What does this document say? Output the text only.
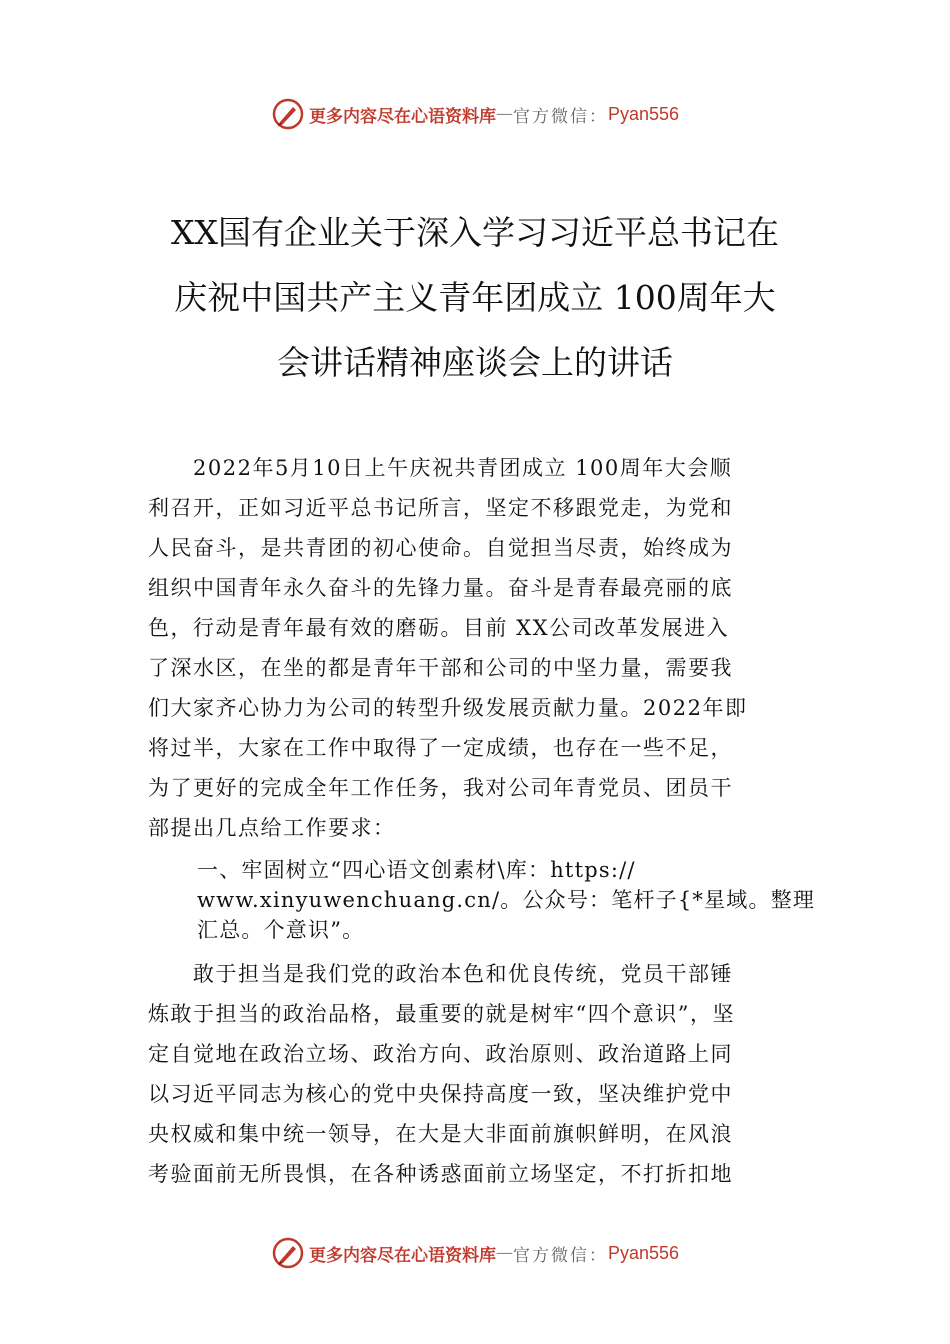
更多内容尽在心语资料库 — 官方微信： Pyan556
XX国有企业关于深入学习习近平总书记在
庆祝中国共产主义青年团成立 100周年大
会讲话精神座谈会上的讲话
　　2022年5月10日上午庆祝共青团成立 100周年大会顺
利召开，正如习近平总书记所言，坚定不移跟党走，为党和
人民奋斗，是共青团的初心使命。自觉担当尽责，始终成为
组织中国青年永久奋斗的先锋力量。奋斗是青春最亮丽的底
色，行动是青年最有效的磨砺。目前 XX公司改革发展进入
了深水区，在坐的都是青年干部和公司的中坚力量，需要我
们大家齐心协力为公司的转型升级发展贡献力量。2022年即
将过半，大家在工作中取得了一定成绩，也存在一些不足，
为了更好的完成全年工作任务，我对公司年青党员、团员干
部提出几点给工作要求：
一、牢固树立“四心语文创素材\库：https://
www.xinyuwenchuang.cn/。公众号：笔杆子{*星域。整理
汇总。个意识”。
　　敢于担当是我们党的政治本色和优良传统，党员干部锤
炼敢于担当的政治品格，最重要的就是树牢“四个意识”，坚
定自觉地在政治立场、政治方向、政治原则、政治道路上同
以习近平同志为核心的党中央保持高度一致，坚决维护党中
央权威和集中统一领导，在大是大非面前旗帜鲜明，在风浪
考验面前无所畏惧，在各种诱惑面前立场坚定，不打折扣地
更多内容尽在心语资料库 — 官方微信： Pyan556
